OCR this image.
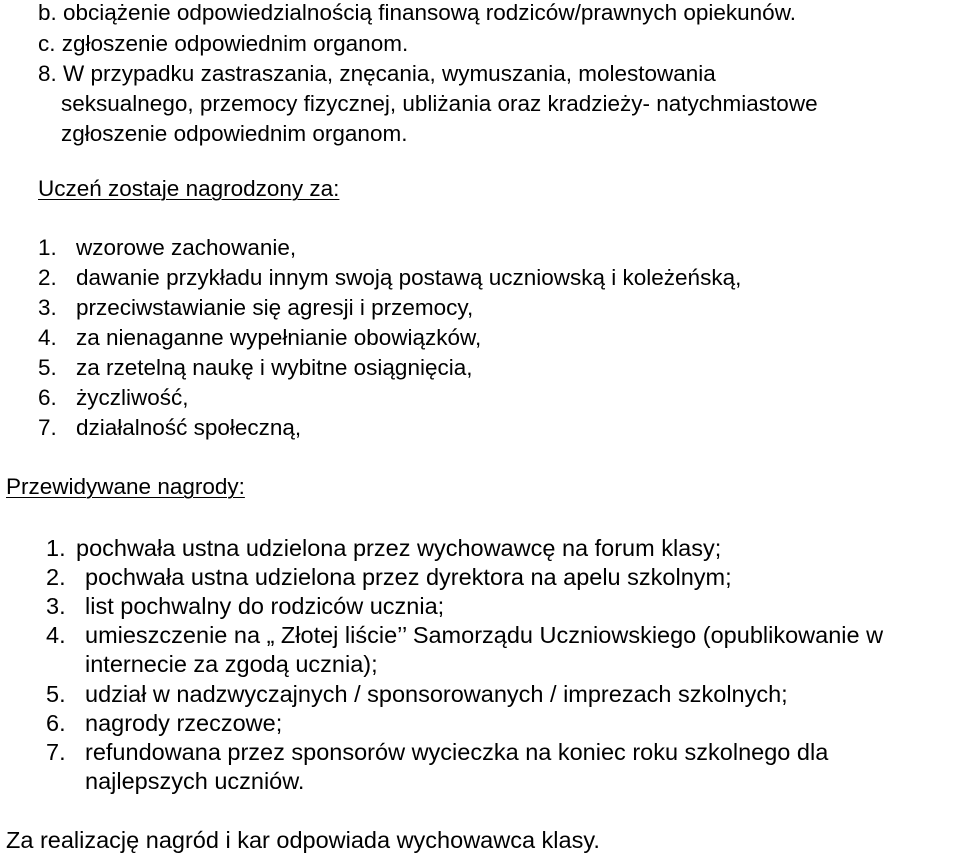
b. obciążenie odpowiedzialnością finansową rodziców/prawnych opiekunów.
c. zgłoszenie odpowiednim organom.
8. W przypadku zastraszania, znęcania, wymuszania, molestowania
seksualnego, przemocy fizycznej, ubliżania oraz kradzieży- natychmiastowe
zgłoszenie odpowiednim organom.
Uczeń zostaje nagrodzony za:
1. wzorowe zachowanie,
2. dawanie przykładu innym swoją postawą uczniowską i koleżeńską,
3. przeciwstawianie się agresji i przemocy,
4. za nienaganne wypełnianie obowiązków,
5. za rzetelną naukę i wybitne osiągnięcia,
6. życzliwość,
7. działalność społeczną,
Przewidywane nagrody:
1. pochwała ustna udzielona przez wychowawcę na forum klasy;
2. pochwała ustna udzielona przez dyrektora na apelu szkolnym;
3. list pochwalny do rodziców ucznia;
4. umieszczenie na „ Złotej liście’’ Samorządu Uczniowskiego (opublikowanie w
internecie za zgodą ucznia);
5. udział w nadzwyczajnych / sponsorowanych / imprezach szkolnych;
6. nagrody rzeczowe;
7. refundowana przez sponsorów wycieczka na koniec roku szkolnego dla
najlepszych uczniów.
Za realizację nagród i kar odpowiada wychowawca klasy.
